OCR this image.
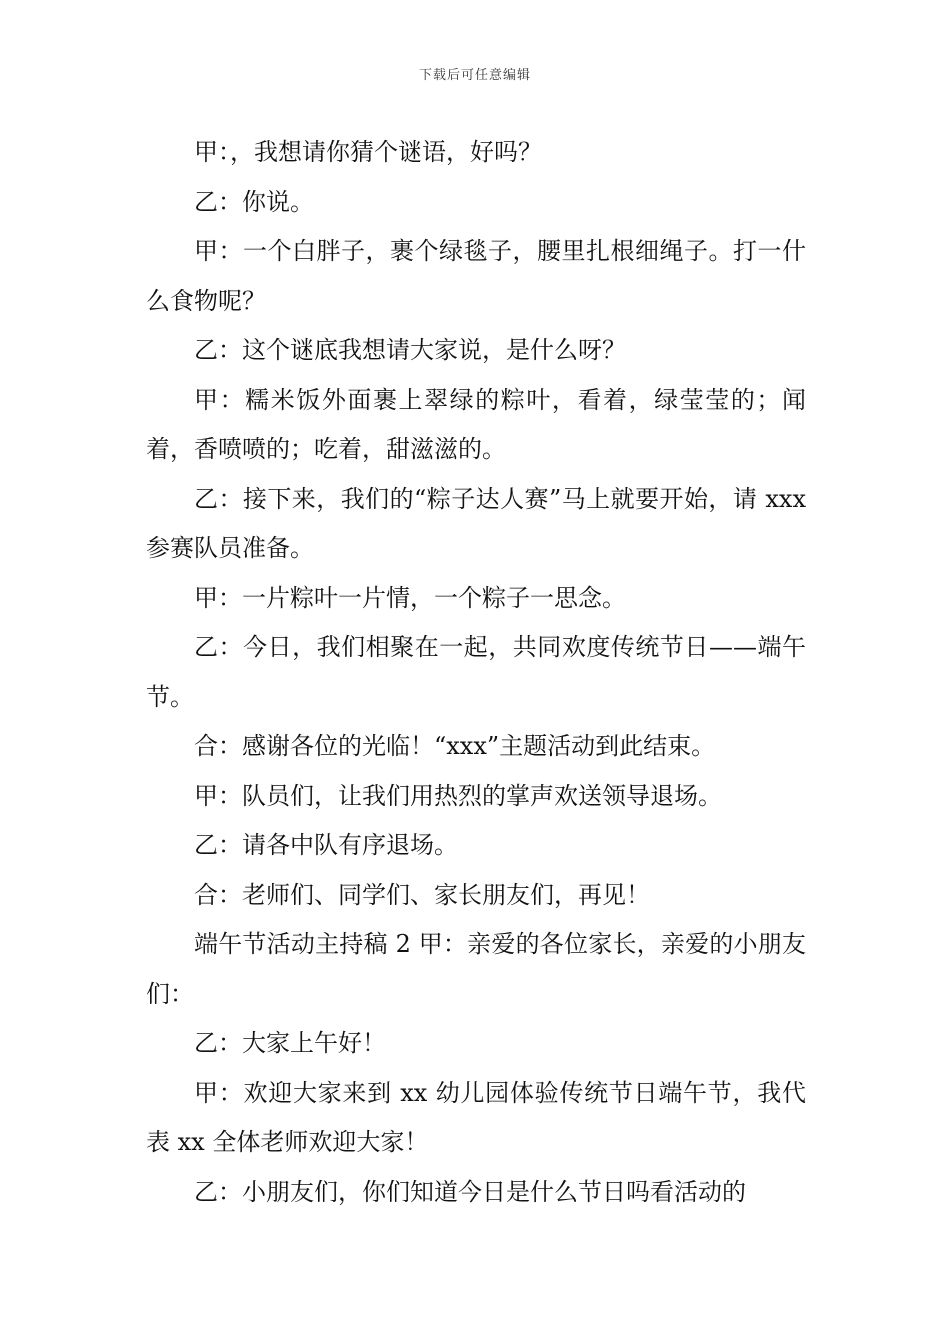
下载后可任意编辑

甲：，我想请你猜个谜语，好吗？

乙：你说。

甲：一个白胖子，裹个绿毯子，腰里扎根细绳子。打一什么食物呢？

乙：这个谜底我想请大家说，是什么呀？

甲：糯米饭外面裹上翠绿的粽叶，看着，绿莹莹的；闻着，香喷喷的；吃着，甜滋滋的。

乙：接下来，我们的“粽子达人赛”马上就要开始，请 xxx 参赛队员准备。

甲：一片粽叶一片情，一个粽子一思念。

乙：今日，我们相聚在一起，共同欢度传统节日——端午节。

合：感谢各位的光临！“xxx”主题活动到此结束。

甲：队员们，让我们用热烈的掌声欢送领导退场。

乙：请各中队有序退场。

合：老师们、同学们、家长朋友们，再见！

端午节活动主持稿 2 甲：亲爱的各位家长，亲爱的小朋友们：

乙：大家上午好！

甲：欢迎大家来到 xx 幼儿园体验传统节日端午节，我代表 xx 全体老师欢迎大家！

乙：小朋友们，你们知道今日是什么节日吗看活动的
